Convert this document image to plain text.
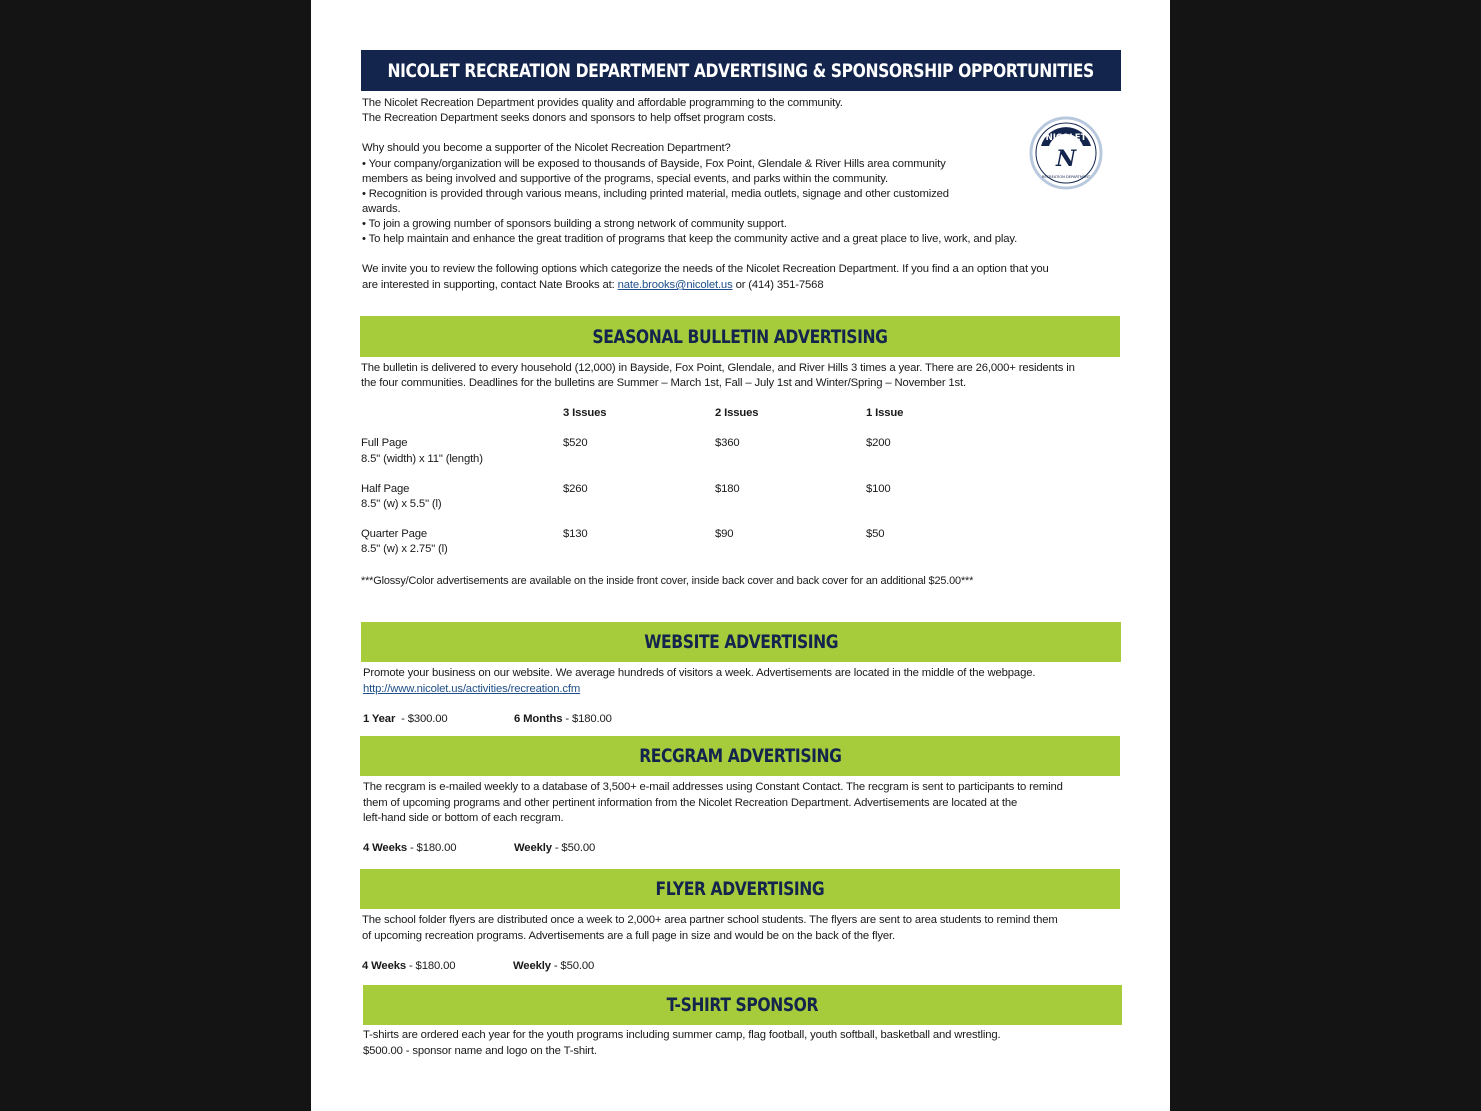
NICOLET RECREATION DEPARTMENT ADVERTISING & SPONSORSHIP OPPORTUNITIES
NICOLET
N
RECREATION DEPARTMENT
The Nicolet Recreation Department provides quality and affordable programming to the community.
The Recreation Department seeks donors and sponsors to help offset program costs.
Why should you become a supporter of the Nicolet Recreation Department?
• Your company/organization will be exposed to thousands of Bayside, Fox Point, Glendale & River Hills area community
members as being involved and supportive of the programs, special events, and parks within the community.
• Recognition is provided through various means, including printed material, media outlets, signage and other customized
awards.
• To join a growing number of sponsors building a strong network of community support.
• To help maintain and enhance the great tradition of programs that keep the community active and a great place to live, work, and play.
We invite you to review the following options which categorize the needs of the Nicolet Recreation Department. If you find a an option that you
are interested in supporting, contact Nate Brooks at: nate.brooks@nicolet.us or (414) 351-7568
SEASONAL BULLETIN ADVERTISING
The bulletin is delivered to every household (12,000) in Bayside, Fox Point, Glendale, and River Hills 3 times a year. There are 26,000+ residents in
the four communities. Deadlines for the bulletins are Summer – March 1st, Fall – July 1st and Winter/Spring – November 1st.
3 Issues	2 Issues	1 Issue
Full Page
8.5" (width) x 11" (length)
$520	$360	$200
Half Page
8.5" (w) x 5.5" (l)
$260	$180	$100
Quarter Page
8.5" (w) x 2.75" (l)
$130	$90	$50
***Glossy/Color advertisements are available on the inside front cover, inside back cover and back cover for an additional $25.00***
WEBSITE ADVERTISING
Promote your business on our website. We average hundreds of visitors a week. Advertisements are located in the middle of the webpage.
http://www.nicolet.us/activities/recreation.cfm
1 Year  - $300.00	6 Months - $180.00
RECGRAM ADVERTISING
The recgram is e-mailed weekly to a database of 3,500+ e-mail addresses using Constant Contact. The recgram is sent to participants to remind
them of upcoming programs and other pertinent information from the Nicolet Recreation Department. Advertisements are located at the
left-hand side or bottom of each recgram.
4 Weeks - $180.00	Weekly - $50.00
FLYER ADVERTISING
The school folder flyers are distributed once a week to 2,000+ area partner school students. The flyers are sent to area students to remind them
of upcoming recreation programs. Advertisements are a full page in size and would be on the back of the flyer.
4 Weeks - $180.00	Weekly - $50.00
T-SHIRT SPONSOR
T-shirts are ordered each year for the youth programs including summer camp, flag football, youth softball, basketball and wrestling.
$500.00 - sponsor name and logo on the T-shirt.
